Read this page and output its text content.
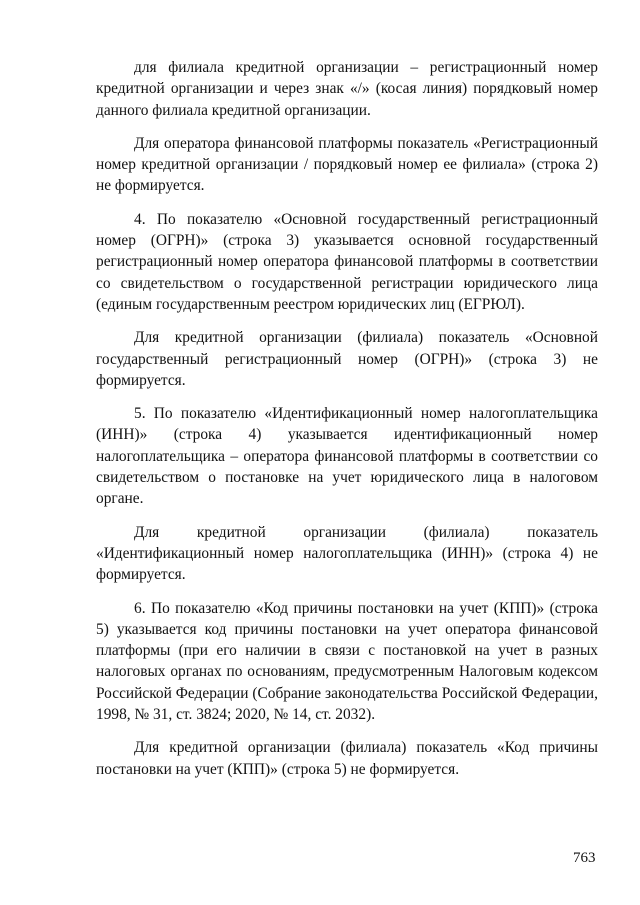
для филиала кредитной организации – регистрационный номер кредитной организации и через знак «/» (косая линия) порядковый номер данного филиала кредитной организации.

Для оператора финансовой платформы показатель «Регистрационный номер кредитной организации / порядковый номер ее филиала» (строка 2) не формируется.

4. По показателю «Основной государственный регистрационный номер (ОГРН)» (строка 3) указывается основной государственный регистрационный номер оператора финансовой платформы в соответствии со свидетельством о государственной регистрации юридического лица (единым государственным реестром юридических лиц (ЕГРЮЛ).

Для кредитной организации (филиала) показатель «Основной государственный регистрационный номер (ОГРН)» (строка 3) не формируется.

5. По показателю «Идентификационный номер налогоплательщика (ИНН)» (строка 4) указывается идентификационный номер налогоплательщика – оператора финансовой платформы в соответствии со свидетельством о постановке на учет юридического лица в налоговом органе.

Для кредитной организации (филиала) показатель «Идентификационный номер налогоплательщика (ИНН)» (строка 4) не формируется.

6. По показателю «Код причины постановки на учет (КПП)» (строка 5) указывается код причины постановки на учет оператора финансовой платформы (при его наличии в связи с постановкой на учет в разных налоговых органах по основаниям, предусмотренным Налоговым кодексом Российской Федерации (Собрание законодательства Российской Федерации, 1998, № 31, ст. 3824; 2020, № 14, ст. 2032).

Для кредитной организации (филиала) показатель «Код причины постановки на учет (КПП)» (строка 5) не формируется.

763
